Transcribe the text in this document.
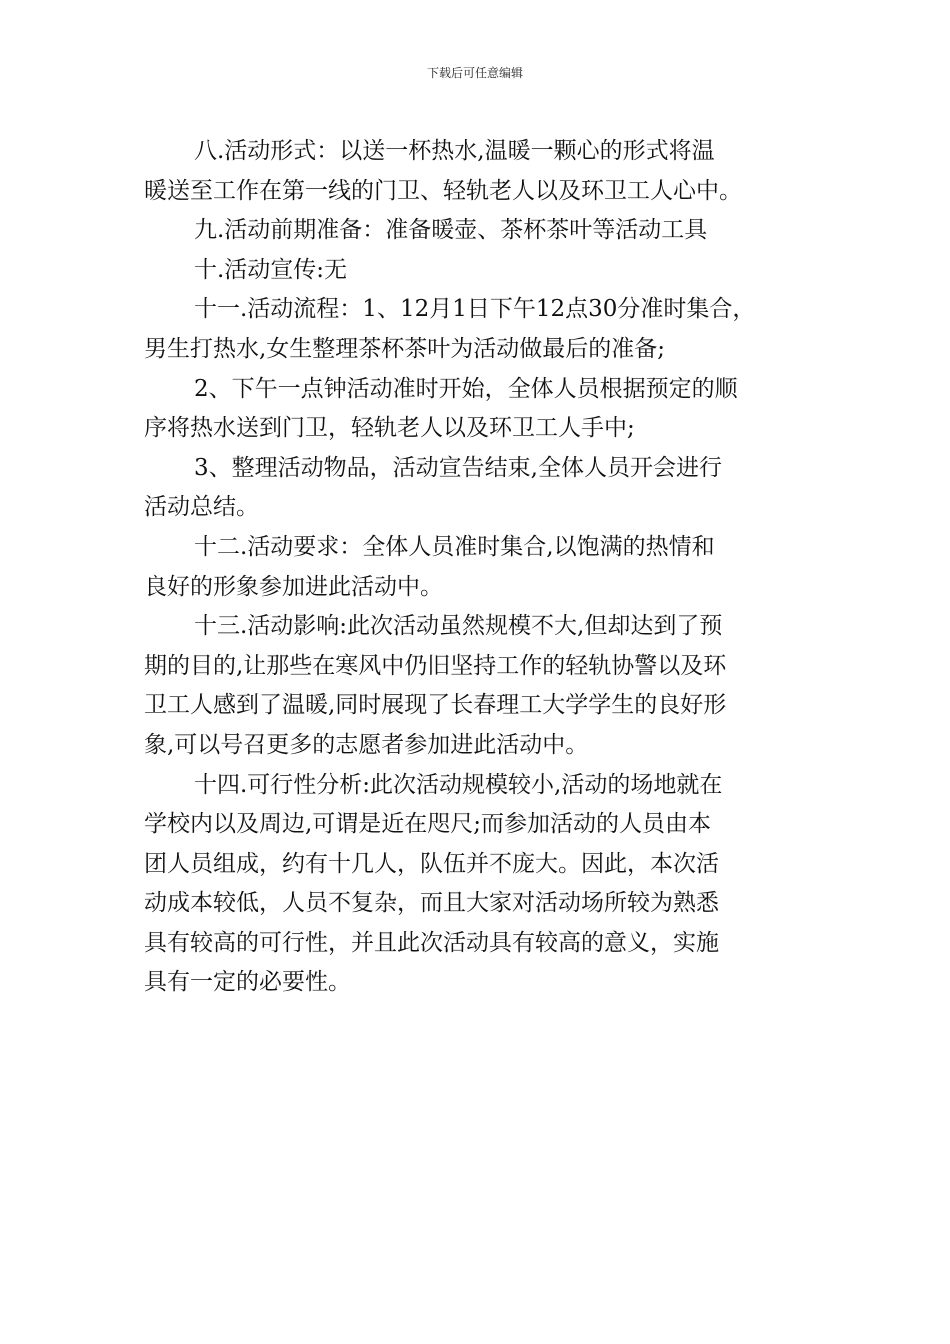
下载后可任意编辑

八.活动形式：以送一杯热水,温暖一颗心的形式将温
暖送至工作在第一线的门卫、轻轨老人以及环卫工人心中。

九.活动前期准备：准备暖壶、茶杯茶叶等活动工具

十.活动宣传:无

十一.活动流程：1、12月1日下午12点30分准时集合，
男生打热水,女生整理茶杯茶叶为活动做最后的准备;

2、下午一点钟活动准时开始，全体人员根据预定的顺
序将热水送到门卫，轻轨老人以及环卫工人手中;

3、整理活动物品，活动宣告结束,全体人员开会进行
活动总结。

十二.活动要求：全体人员准时集合,以饱满的热情和
良好的形象参加进此活动中。

十三.活动影响:此次活动虽然规模不大,但却达到了预
期的目的,让那些在寒风中仍旧坚持工作的轻轨协警以及环
卫工人感到了温暖,同时展现了长春理工大学学生的良好形
象,可以号召更多的志愿者参加进此活动中。

十四.可行性分析:此次活动规模较小,活动的场地就在
学校内以及周边,可谓是近在咫尺;而参加活动的人员由本
团人员组成，约有十几人，队伍并不庞大。因此，本次活
动成本较低，人员不复杂，而且大家对活动场所较为熟悉
具有较高的可行性，并且此次活动具有较高的意义，实施
具有一定的必要性。
